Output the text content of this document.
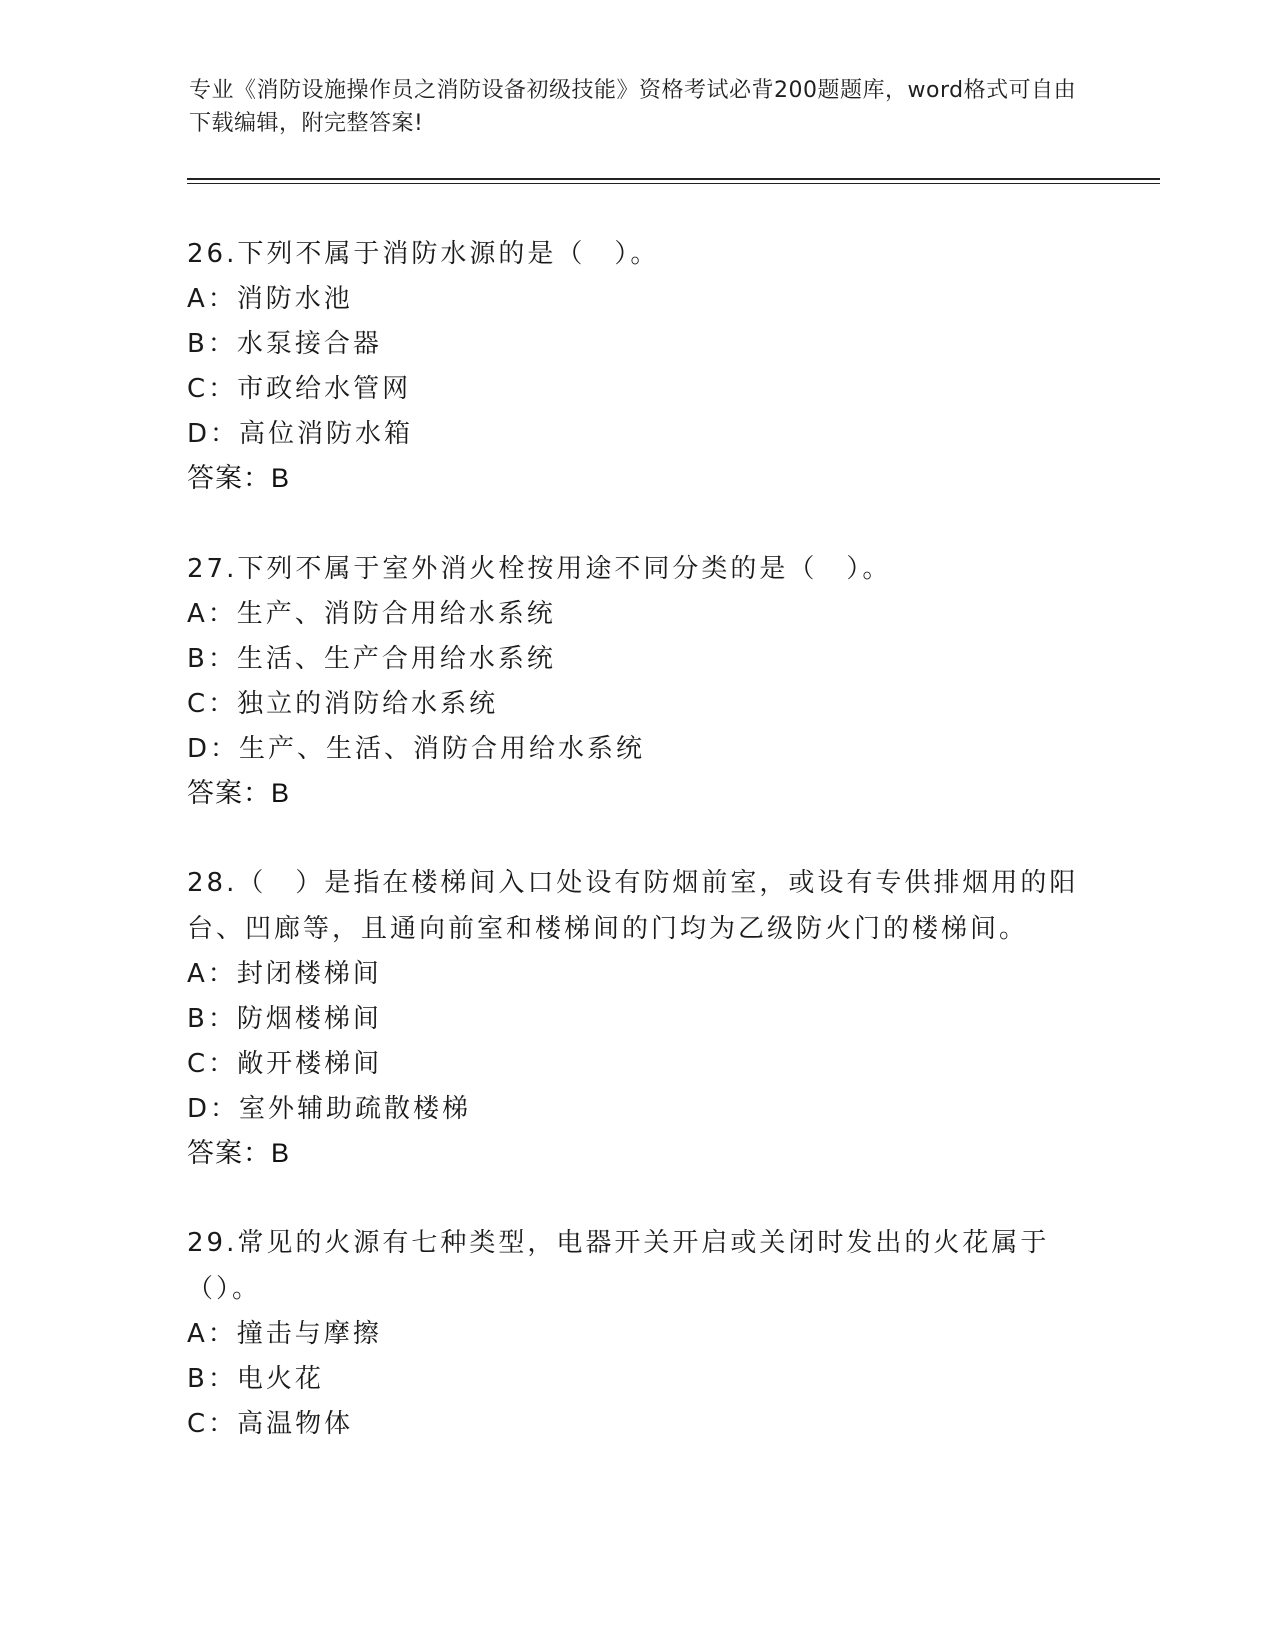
专业《消防设施操作员之消防设备初级技能》资格考试必背200题题库，word格式可自由下载编辑，附完整答案!
26.下列不属于消防水源的是（　）。
A：消防水池
B：水泵接合器
C：市政给水管网
D：高位消防水箱
答案：B
27.下列不属于室外消火栓按用途不同分类的是（　）。
A：生产、消防合用给水系统
B：生活、生产合用给水系统
C：独立的消防给水系统
D：生产、生活、消防合用给水系统
答案：B
28.（　）是指在楼梯间入口处设有防烟前室，或设有专供排烟用的阳台、凹廊等，且通向前室和楼梯间的门均为乙级防火门的楼梯间。
A：封闭楼梯间
B：防烟楼梯间
C：敞开楼梯间
D：室外辅助疏散楼梯
答案：B
29.常见的火源有七种类型，电器开关开启或关闭时发出的火花属于（）。
A：撞击与摩擦
B：电火花
C：高温物体
